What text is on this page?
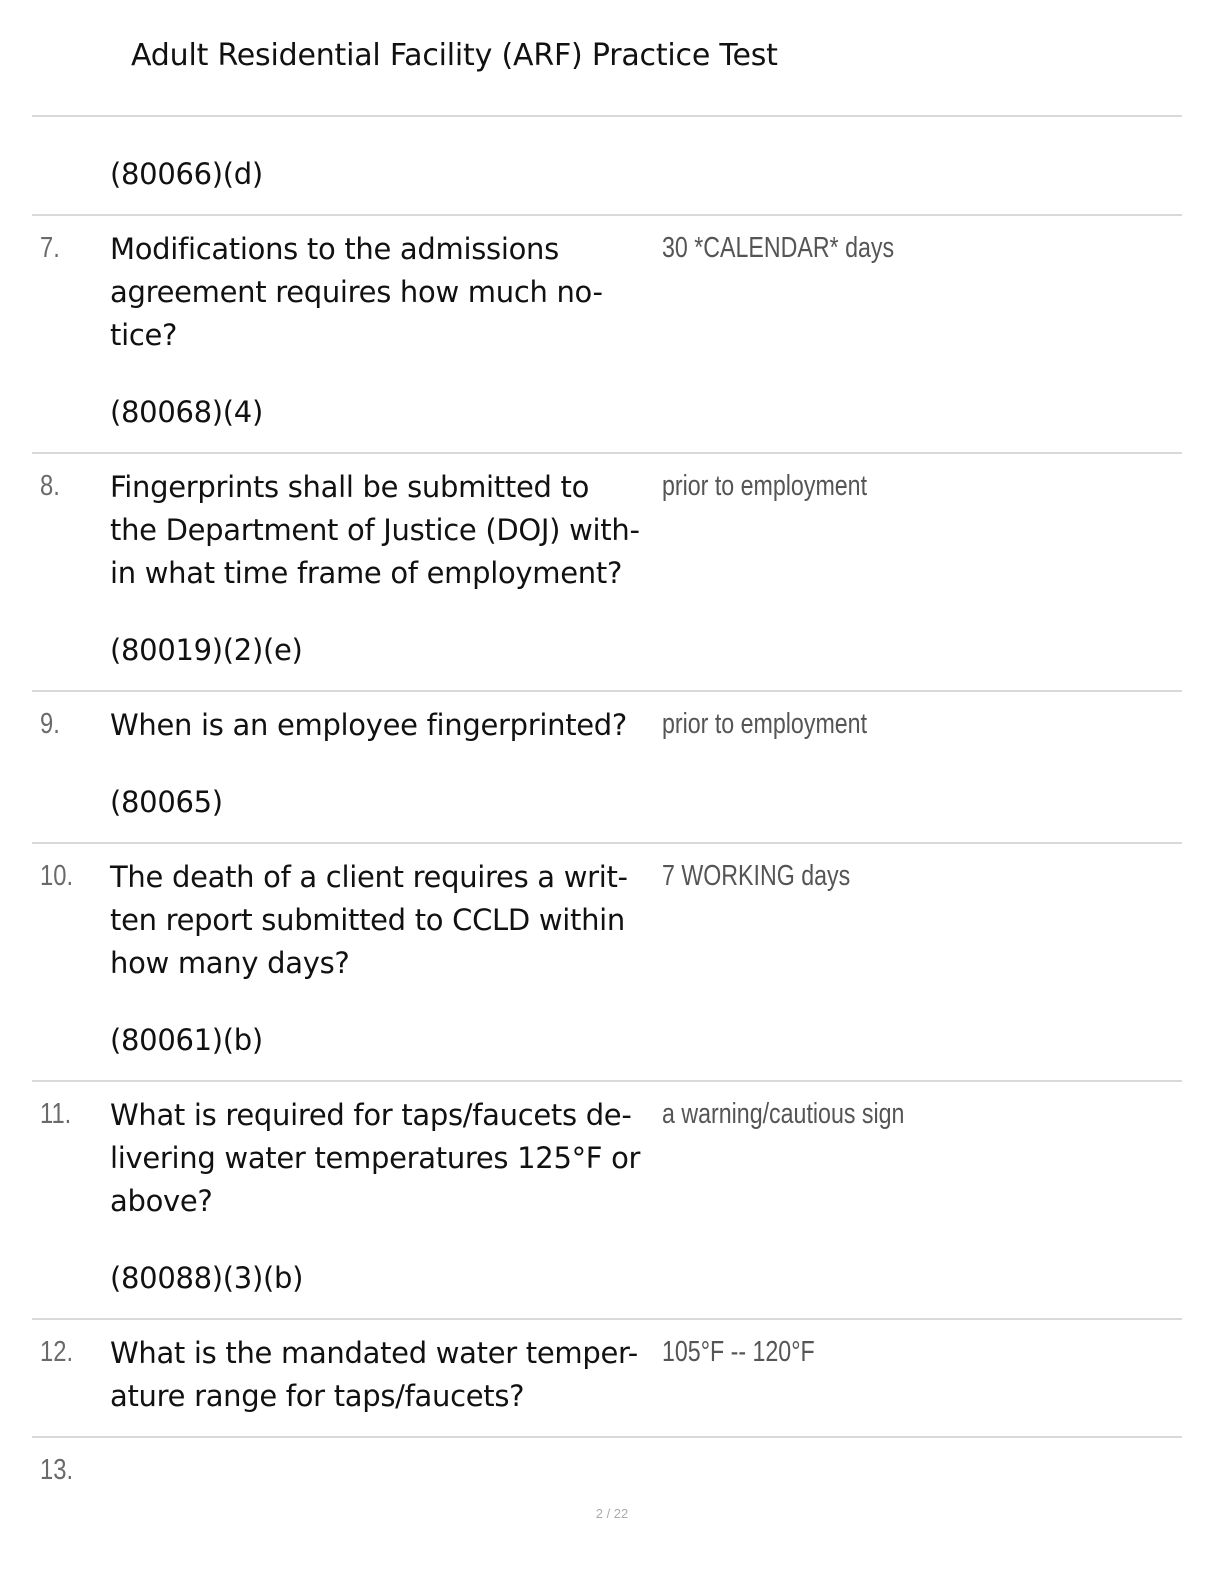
Adult Residential Facility (ARF) Practice Test
(80066)(d)
7. Modifications to the admissions
agreement requires how much no-
tice?
30 *CALENDAR* days
(80068)(4)
8. Fingerprints shall be submitted to
the Department of Justice (DOJ) with-
in what time frame of employment?
prior to employment
(80019)(2)(e)
9. When is an employee fingerprinted?	prior to employment
(80065)
10. The death of a client requires a writ-
ten report submitted to CCLD within
how many days?
7 WORKING days
(80061)(b)
11. What is required for taps/faucets de-
livering water temperatures 125°F or
above?
a warning/cautious sign
(80088)(3)(b)
12. What is the mandated water temper-
ature range for taps/faucets?
105°F -- 120°F
13.
2 / 22
